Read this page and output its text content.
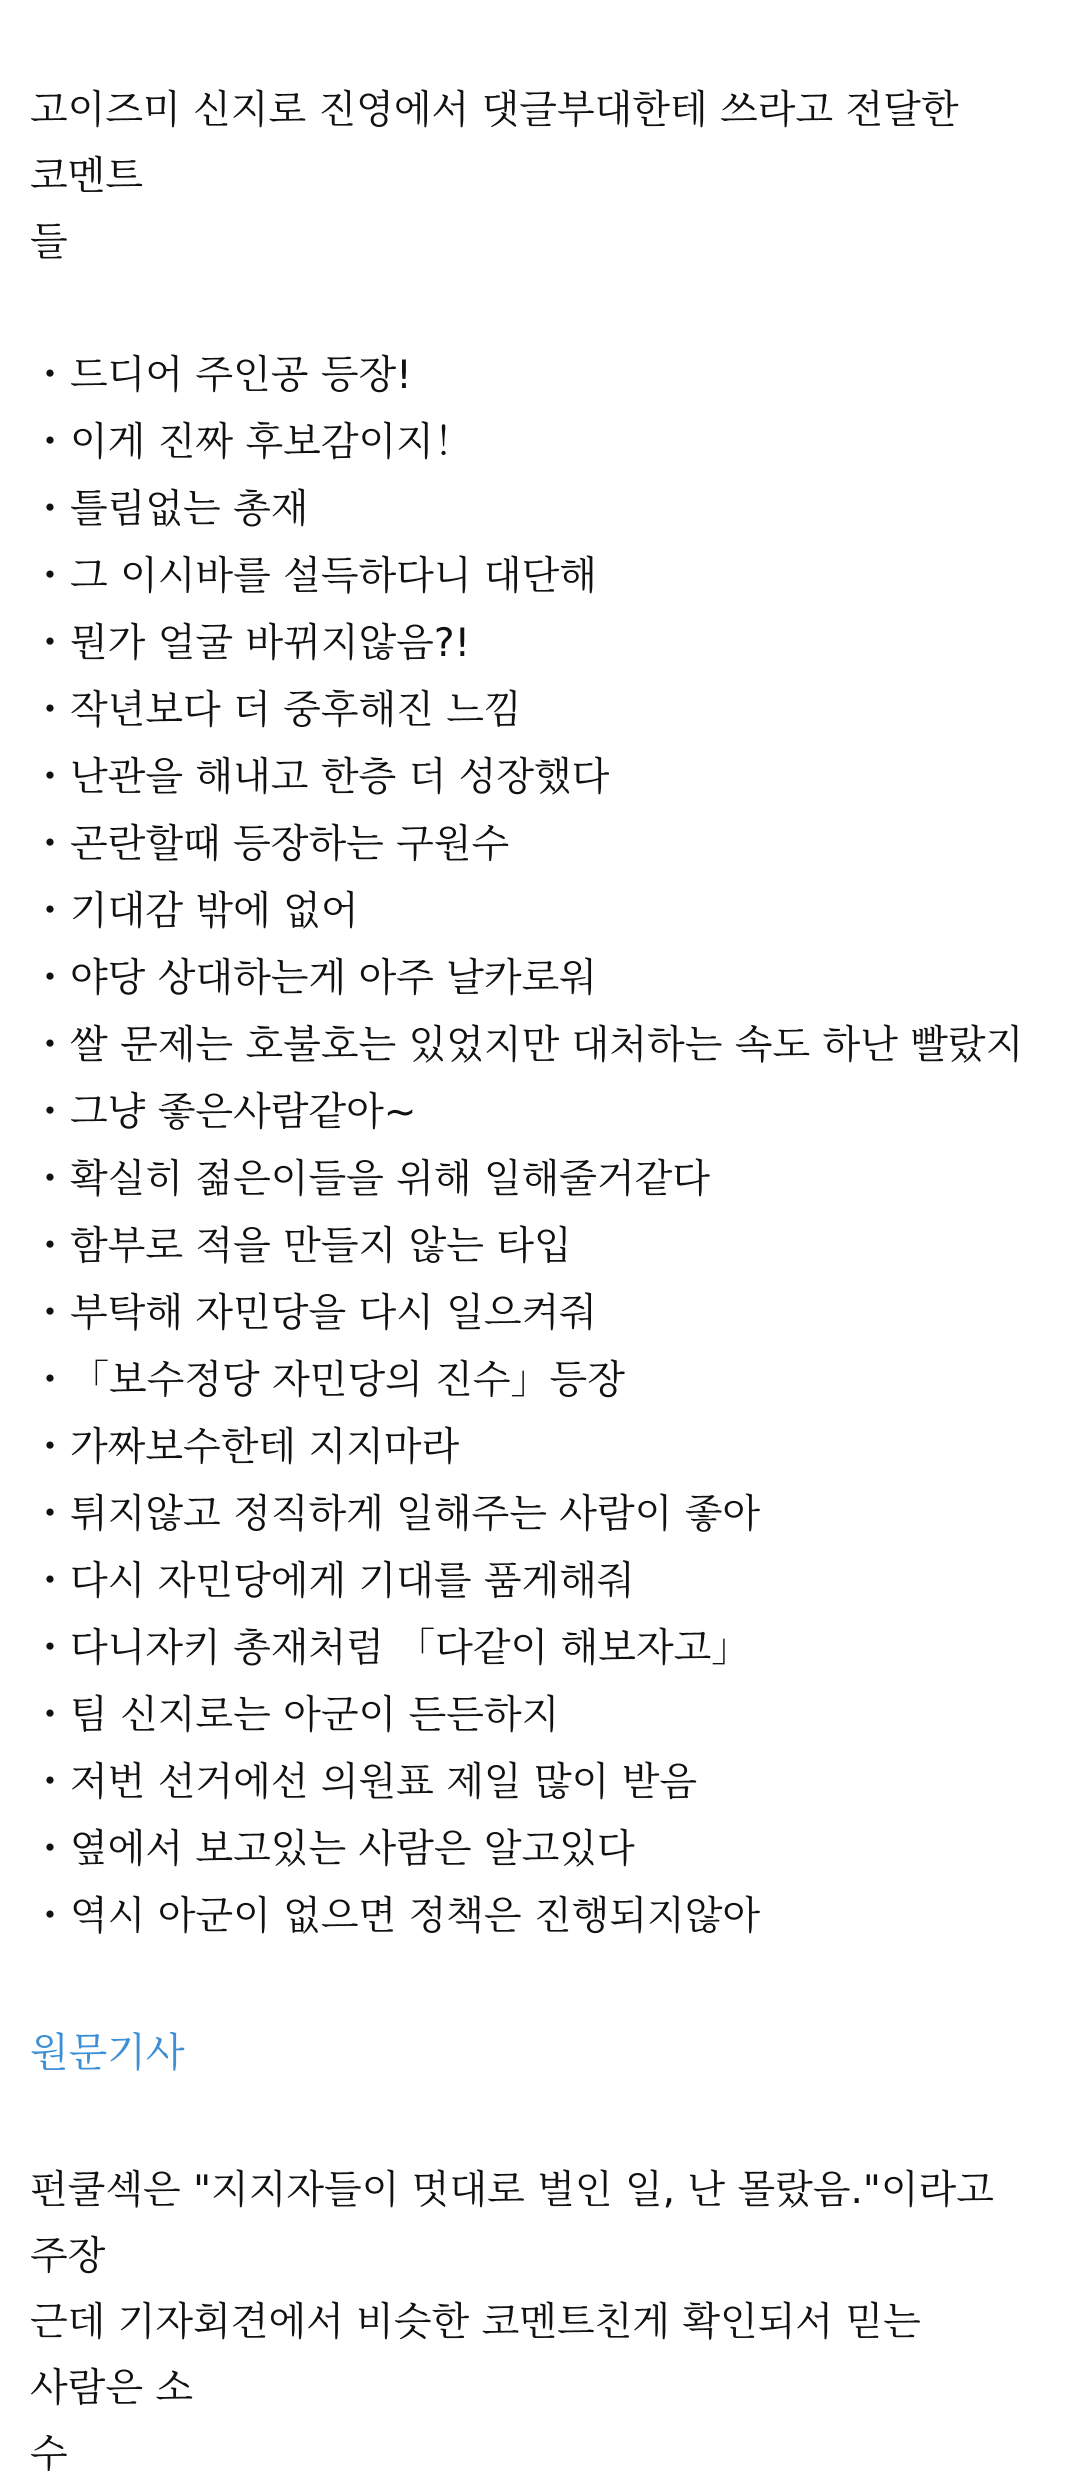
고이즈미 신지로 진영에서 댓글부대한테 쓰라고 전달한 코멘트
들

・ 드디어 주인공 등장!
・ 이게 진짜 후보감이지！
・ 틀림없는 총재
・ 그 이시바를 설득하다니 대단해
・ 뭔가 얼굴 바뀌지않음?!
・ 작년보다 더 중후해진 느낌
・ 난관을 해내고 한층 더 성장했다
・ 곤란할때 등장하는 구원수
・ 기대감 밖에 없어
・ 야당 상대하는게 아주 날카로워
・ 쌀 문제는 호불호는 있었지만 대처하는 속도 하난 빨랐지
・ 그냥 좋은사람같아~
・ 확실히 젊은이들을 위해 일해줄거같다
・ 함부로 적을 만들지 않는 타입
・ 부탁해 자민당을 다시 일으켜줘
・ 「보수정당 자민당의 진수」등장
・ 가짜보수한테 지지마라
・ 튀지않고 정직하게 일해주는 사람이 좋아
・ 다시 자민당에게 기대를 품게해줘
・ 다니자키 총재처럼 「다같이 해보자고」
・ 팀 신지로는 아군이 든든하지
・ 저번 선거에선 의원표 제일 많이 받음
・ 옆에서 보고있는 사람은 알고있다
・ 역시 아군이 없으면 정책은 진행되지않아
원문기사

펀쿨섹은 "지지자들이 멋대로 벌인 일, 난 몰랐음."이라고 주장
근데 기자회견에서 비슷한 코멘트친게 확인되서 믿는 사람은 소
수
